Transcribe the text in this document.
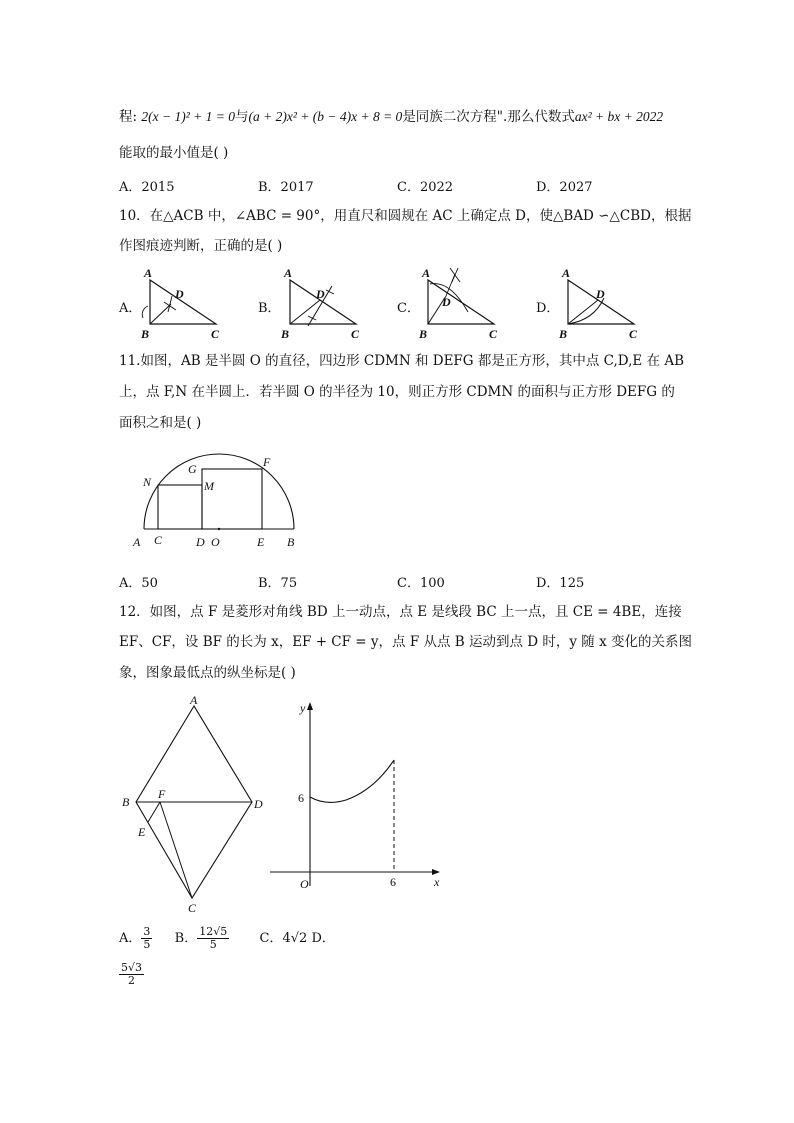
程: 2(x − 1)² + 1 = 0与(a + 2)x² + (b − 4)x + 8 = 0是同族二次方程".那么代数式ax² + bx + 2022
能取的最小值是( )
A．2015	B．2017	C．2022	D．2027
10．在△ACB 中，∠ABC = 90°，用直尺和圆规在 AC 上确定点 D，使△BAD ∽△CBD，根据
作图痕迹判断，正确的是( )
A．	B．	C．	D．
A
B	C
D
A
B	C
D
A
B	C
D
A
B	C
D
11.如图，AB 是半圆 O 的直径，四边形 CDMN 和 DEFG 都是正方形，其中点 C,D,E 在 AB
上，点 F,N 在半圆上．若半圆 O 的半径为 10，则正方形 CDMN 的面积与正方形 DEFG 的
面积之和是( )
A C	D O	E B
N	M
G	F
A．50	B．75	C．100	D．125
12．如图，点 F 是菱形对角线 BD 上一动点，点 E 是线段 BC 上一点，且 CE = 4BE，连接
EF、CF，设 BF 的长为 x，EF + CF = y，点 F 从点 B 运动到点 D 时，y 随 x 变化的关系图
象，图象最低点的纵坐标是( )
A
B	D
F
E
C
y
x
O
6
6
A． $\frac{3}{5}$ B． $\frac{12√5}{5}$ C．4√2 D．
$\frac{5√3}{2}$
